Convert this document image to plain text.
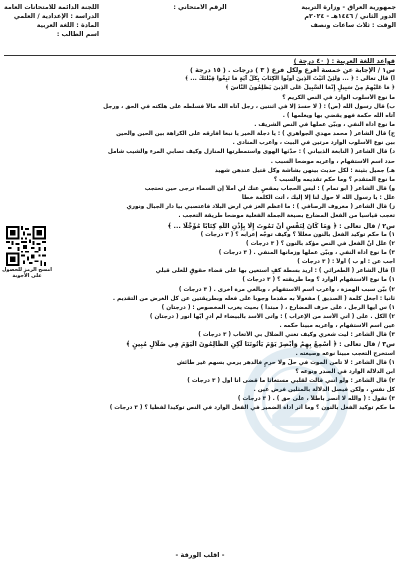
جمهورية العراق - وزارة التربية
الدور الثاني / ١٤٤٦هـ - ٢٠٢٤م
الوقت : ثلاث ساعات ونصف
الرقم الامتحاني :
اللجنة الدائمة للامتحانات العامة
الدراسة : الإعدادية / العلمي
المادة : اللغة العربية
اسم الطالب :
قواعد اللغة العربية : ( ٤٠ درجة )
س١ / الإجابة عن خمسة أفرع ولكل فرع ( ٣ ) درجات . ( ١٥ درجة )
أ) قال تعالى : ﴿ ... وَلَئِنْ أَتَيْتَ الَّذِينَ أُوتُوا الْكِتَابَ بِكُلِّ آيَةٍ مَا تَبِعُوا قِبْلَتَكَ ... ﴾
﴿ مَا عَلَيْهِمْ مِنْ سَبِيلٍ إِنَّمَا السَّبِيلُ عَلَى الَّذِينَ يَظْلِمُونَ النَّاسَ ﴾
ما نوع الأسلوب الوارد في النص الكريم ؟
ب) قال رسول الله (ص) : ( لا حسدَ إلا في اثنتين ، رجل آتاه الله مالاً فسلّطه على هلكته في الحق ، ورجل
آتاه الله حكمة فهو يقضي بها ويعلمها ) .
ما نوع أداة النفي ، وبيّن عملها في النص الشريف .
ج) قال الشاعر ( محمد مهدي الجواهري ) : يا دجلة الخير يا نبعاً أفارقه على الكراهة بين الحين والحين
بين نوع الأسلوب الوارد مرتين في البيت ، وأعرب المنادى .
د) قال الشاعر ( النابغة الذبياني ) : حدّثها الهوى واستمطرتها المنازل وكيف تصابي المرء والشيب شامل
حدد اسم الاستفهام ، وأعربه موضحاً السبب .
هـ) جميل بثينة : لكل حديث بينهن بشاشة وكل قتيل عندهن شهيد
ما نوع المتقدم ؟ وما حكم تقديمه والسبب ؟
و) قال الشاعر ( أبو تمام ) : ليس الحجاب بمقصٍ عنك لي أملاً إن السماء ترجى حين تحتجب
علل : يا رسول الله لا حول لنا إلا إليك ، أتت الكلمة خطأ
ز) قال الشاعر ( معروف الرصافي ) : ما اعظم العز في ارض البلاد فاعتصبي بيا دار الجبال ونوري
تعجب قياسياً من الفعل المضارع بصيغة الجملة الفعلية موضحاً طريقة التعجب .
س٢ / قال تعالى : ﴿ وَمَا كَانَ لِنَفْسٍ أَنْ تَمُوتَ إِلَّا بِإِذْنِ اللَّهِ كِتَابًا مُؤَجَّلًا ... ﴾
١) ما حكم توكيد الفعل بالنون معللاً ؟ وكيف توجّه إعرابه ؟ ( ٣ درجات )
٢) علل أنّ الفعل في النص مؤكد بالنون ؟ ( ٣ درجات )
٣) ما نوع أداة النفي ، وبيّن عملها وزمانها المنفي . ( ٣ درجات )
أجب عن : أو ب ) أولاً : ( ٣ درجات )
أ) قال الشاعر ( الطغرائي ) : أريد بسطة كفٍ أستعين بها على قضاء حقوقٍ للعلى قبلي
١) ما نوع الاستفهام الوارد ؟ وما طريقته ؟ ( ٣ درجات )
٢) بيّن سبب الهمزة ، وأعرب اسم الاستفهام ، وبالغي مرة أخرى . ( ٣ درجات )
ثانياً : أجعل كلمة ( الصديق ) مفعولاً به مقدماً وجوباً على فعله وبطريقتين عن كل الغرض من التقديم .
١) س أيها الرجل ، على حرف المضارع ، ( مبتدأ ) بحيث يعرب المخصوص : ( درجتان )
٢) الكل . على ( أتي الأسد من الإعراب ) : وأتى الأسد بالبيضاء لم أدرِ أيّها أنور ( درجتان )
عين اسم الاستفهام ، وأعربه مبيناً حكمه .
٣) قال الشاعر : ليت شعري وكيف تغني الضلال بي الأتعاب ( ٣ درجات )
س٣ / قال تعالى : ﴿ أَسْمِعْ بِهِمْ وَأَبْصِرْ يَوْمَ يَأْتُونَنَا لَكِنِ الظَّالِمُونَ الْيَوْمَ فِي ضَلَالٍ مُبِينٍ ﴾
استخرج التعجب مبيناً نوعه وصيغته .
١) قال الشاعر : لا تأمن الموت في حلٍّ ولا حرمٍ فالدهر يرمي بسهم غير طائش
ابن الدلالة الوارد في الصدر ونوعه ؟
٢) قال الشاعر : ولو أنني قالت لقلبي مستغاثاً ما قضى أنا أول ( ٣ درجات )
كل نفسٍ ، ولكن فيصل الدلالة بالمثلين فرض عين .
٣) تقول : ( والله لا أنصر باطلاً ، على حق ) . ( ٣ درجات )
ما حكم توكيد الفعل بالنون ؟ وما أثر أداة الضمير في الفعل الوارد في النص توكيداً لفظياً ؟ ( ٣ درجات )
امسح الرمز للحصول على الأجوبة
- اقلب الورقة -
